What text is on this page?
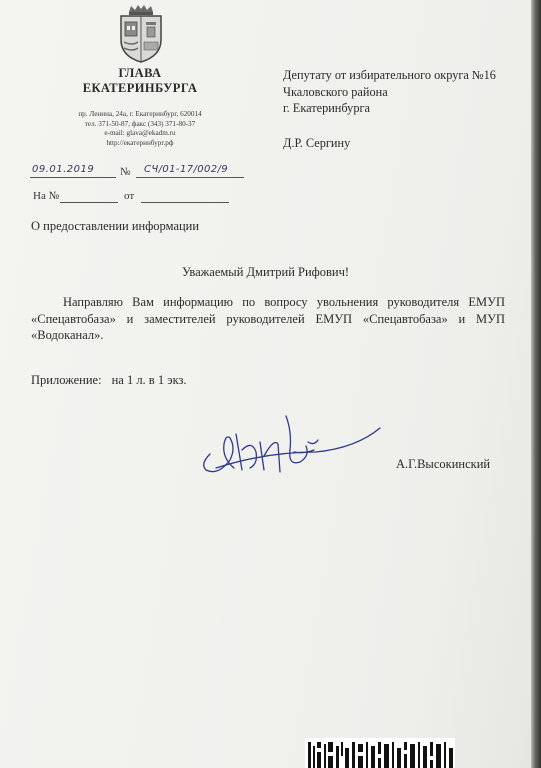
ГЛАВА
ЕКАТЕРИНБУРГА
пр. Ленина, 24а, г. Екатеринбург, 620014
тел. 371-50-87, факс (343) 371-80-37
e-mail: glava@ekadm.ru
http://екатеринбург.рф
Депутату от избирательного округа №16
Чкаловского района
г. Екатеринбурга
Д.Р. Сергину
09.01.2019 № СЧ/01-17/002/9
На №	от
О предоставлении информации
Уважаемый Дмитрий Рифович!
Направляю Вам информацию по вопросу увольнения руководителя ЕМУП «Спецавтобаза» и заместителей руководителей ЕМУП «Спецавтобаза» и МУП «Водоканал».
Приложение: на 1 л. в 1 экз.
А.Г.Высокинский
